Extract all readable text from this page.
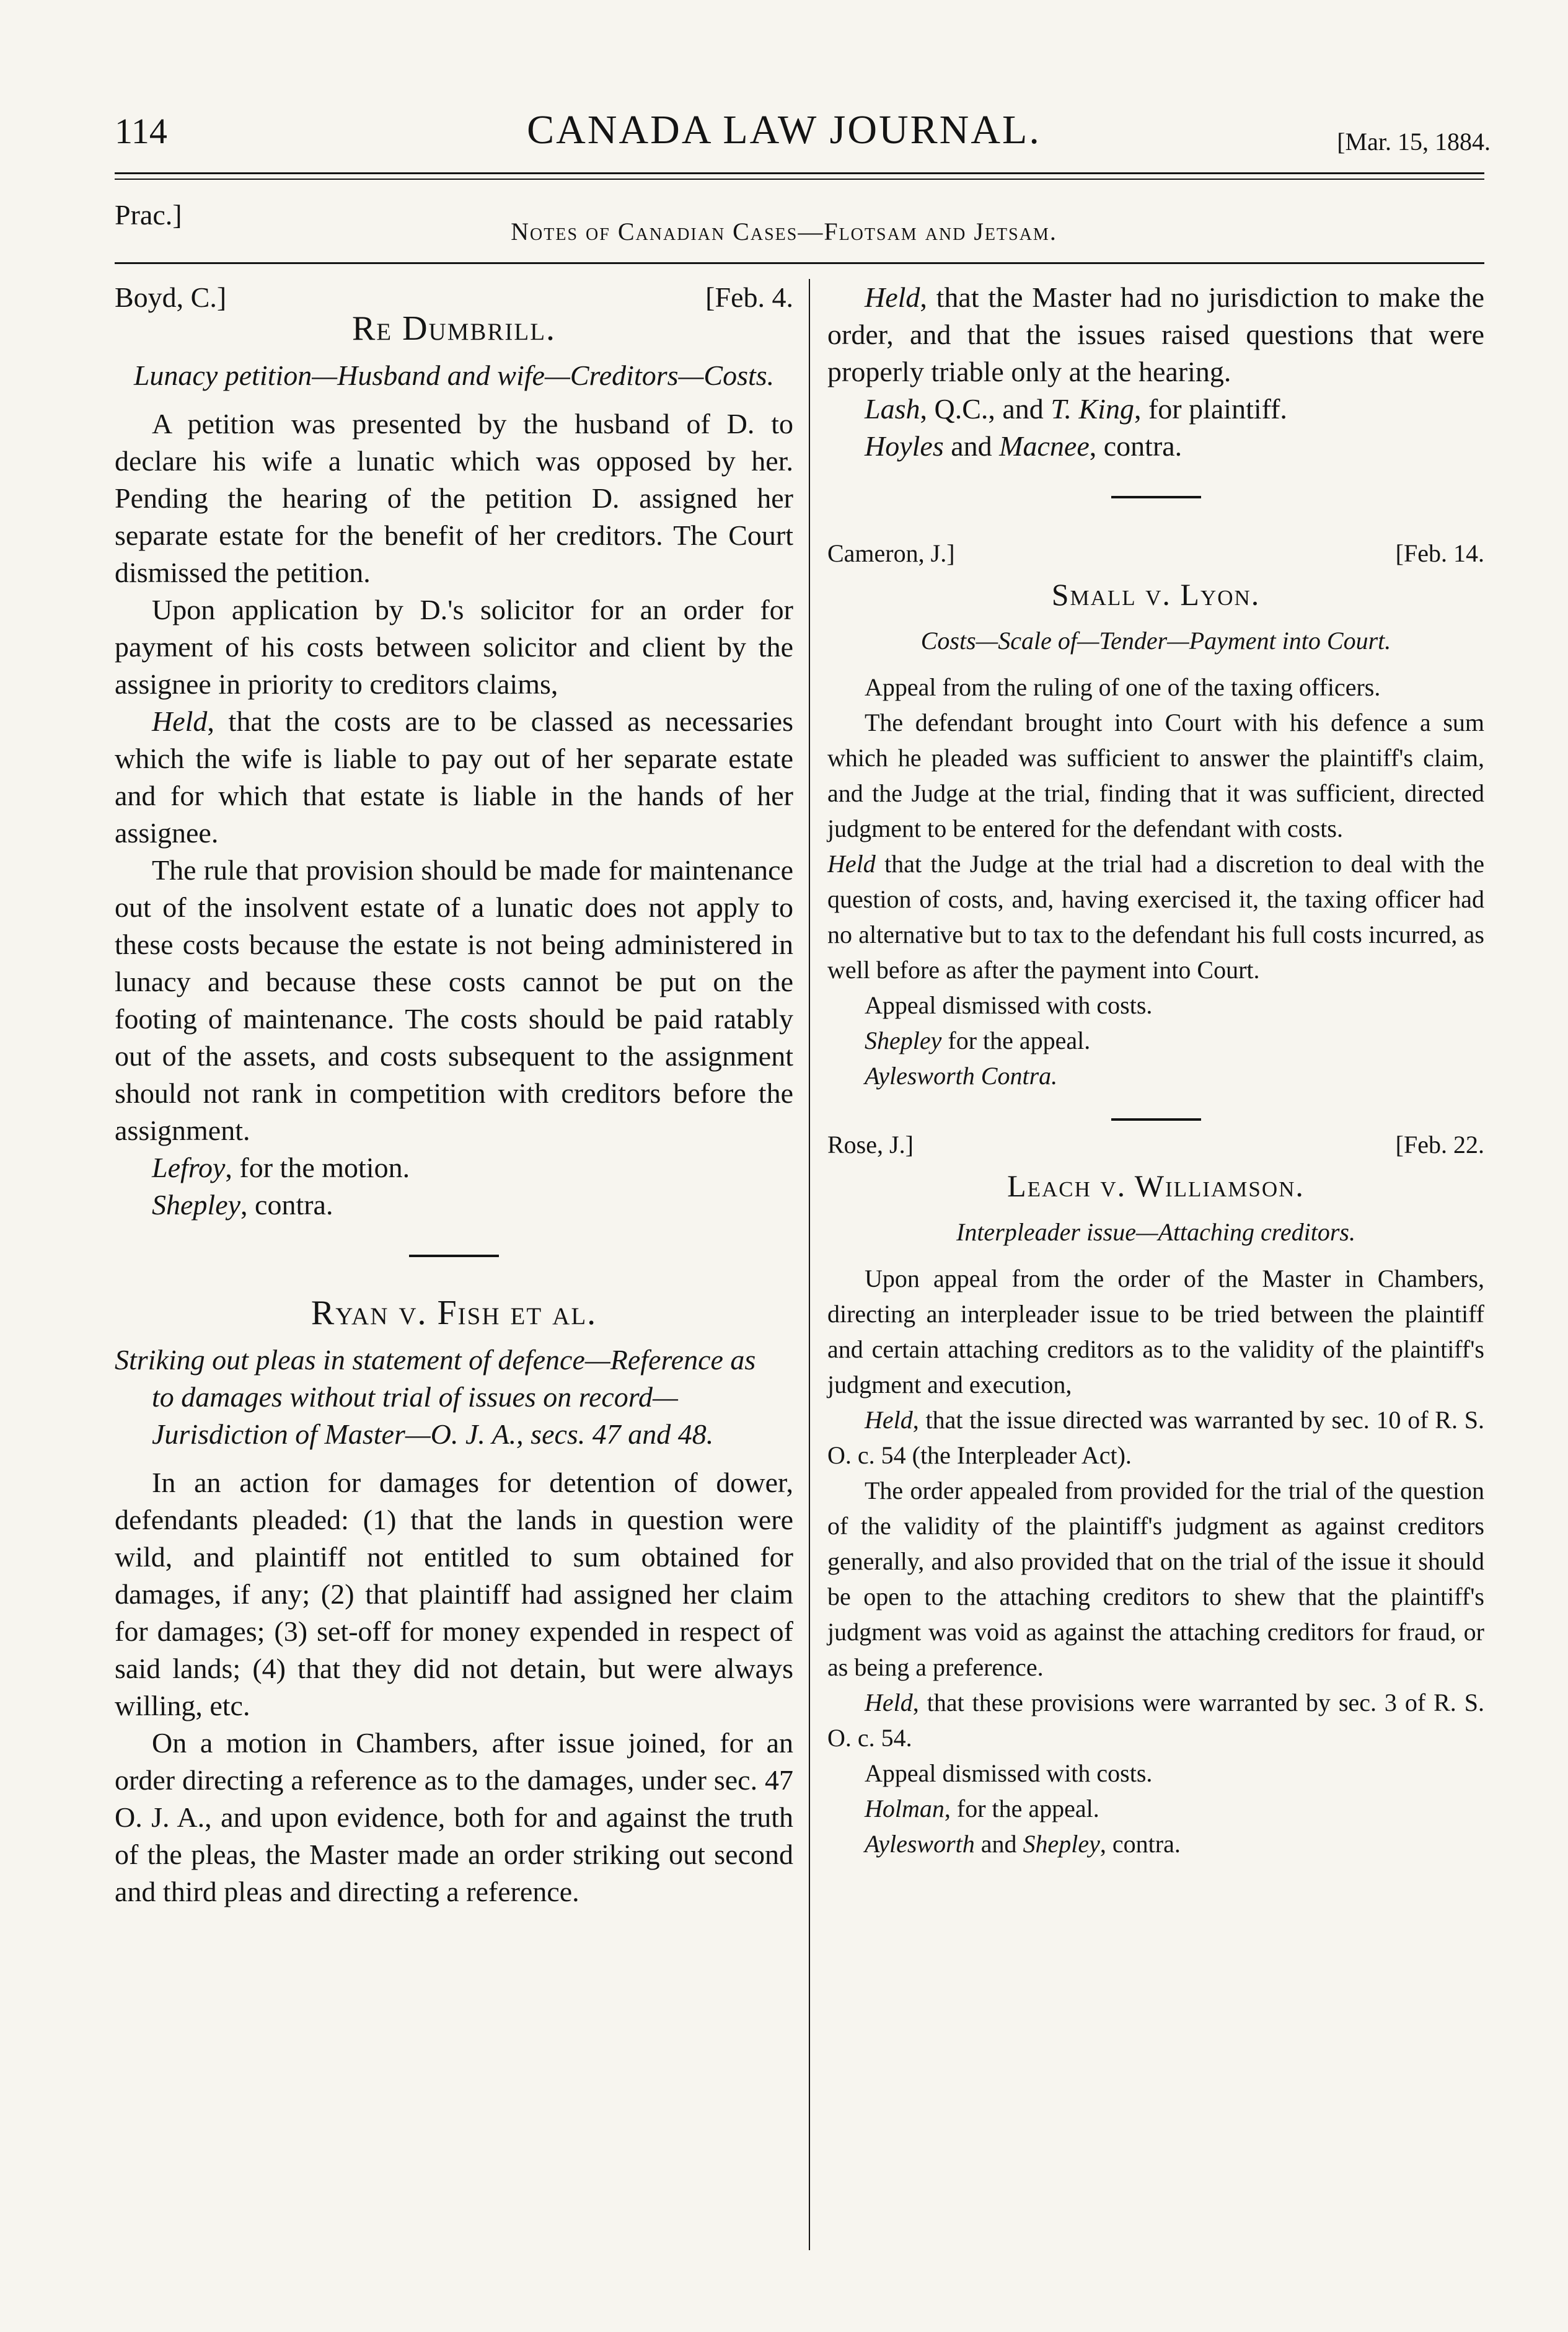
114	CANADA LAW JOURNAL.	[Mar. 15, 1884.
Prac.]
Notes of Canadian Cases—Flotsam and Jetsam.
Boyd, C.]	[Feb. 4.
Re Dumbrill.
Lunacy petition—Husband and wife—Creditors—Costs.

A petition was presented by the husband of D. to declare his wife a lunatic which was opposed by her. Pending the hearing of the petition D. assigned her separate estate for the benefit of her creditors. The Court dismissed the petition.

Upon application by D.'s solicitor for an order for payment of his costs between solicitor and client by the assignee in priority to creditors claims,

Held, that the costs are to be classed as necessaries which the wife is liable to pay out of her separate estate and for which that estate is liable in the hands of her assignee.

The rule that provision should be made for maintenance out of the insolvent estate of a lunatic does not apply to these costs because the estate is not being administered in lunacy and because these costs cannot be put on the footing of maintenance. The costs should be paid ratably out of the assets, and costs subsequent to the assignment should not rank in competition with creditors before the assignment.

Lefroy, for the motion.

Shepley, contra.

Ryan v. Fish et al.
Striking out pleas in statement of defence—Reference as to damages without trial of issues on record—Jurisdiction of Master—O. J. A., secs. 47 and 48.

In an action for damages for detention of dower, defendants pleaded: (1) that the lands in question were wild, and plaintiff not entitled to sum obtained for damages, if any; (2) that plaintiff had assigned her claim for damages; (3) set-off for money expended in respect of said lands; (4) that they did not detain, but were always willing, etc.

On a motion in Chambers, after issue joined, for an order directing a reference as to the damages, under sec. 47 O. J. A., and upon evidence, both for and against the truth of the pleas, the Master made an order striking out second and third pleas and directing a reference.

Held, that the Master had no jurisdiction to make the order, and that the issues raised questions that were properly triable only at the hearing.

Lash, Q.C., and T. King, for plaintiff.

Hoyles and Macnee, contra.

Cameron, J.]	[Feb. 14.
Small v. Lyon.
Costs—Scale of—Tender—Payment into Court.

Appeal from the ruling of one of the taxing officers.

The defendant brought into Court with his defence a sum which he pleaded was sufficient to answer the plaintiff's claim, and the Judge at the trial, finding that it was sufficient, directed judgment to be entered for the defendant with costs.

Held that the Judge at the trial had a discretion to deal with the question of costs, and, having exercised it, the taxing officer had no alternative but to tax to the defendant his full costs incurred, as well before as after the payment into Court.

Appeal dismissed with costs.

Shepley for the appeal.

Aylesworth Contra.

Rose, J.]	[Feb. 22.
Leach v. Williamson.
Interpleader issue—Attaching creditors.

Upon appeal from the order of the Master in Chambers, directing an interpleader issue to be tried between the plaintiff and certain attaching creditors as to the validity of the plaintiff's judgment and execution,

Held, that the issue directed was warranted by sec. 10 of R. S. O. c. 54 (the Interpleader Act).

The order appealed from provided for the trial of the question of the validity of the plaintiff's judgment as against creditors generally, and also provided that on the trial of the issue it should be open to the attaching creditors to shew that the plaintiff's judgment was void as against the attaching creditors for fraud, or as being a preference.

Held, that these provisions were warranted by sec. 3 of R. S. O. c. 54.

Appeal dismissed with costs.

Holman, for the appeal.

Aylesworth and Shepley, contra.
